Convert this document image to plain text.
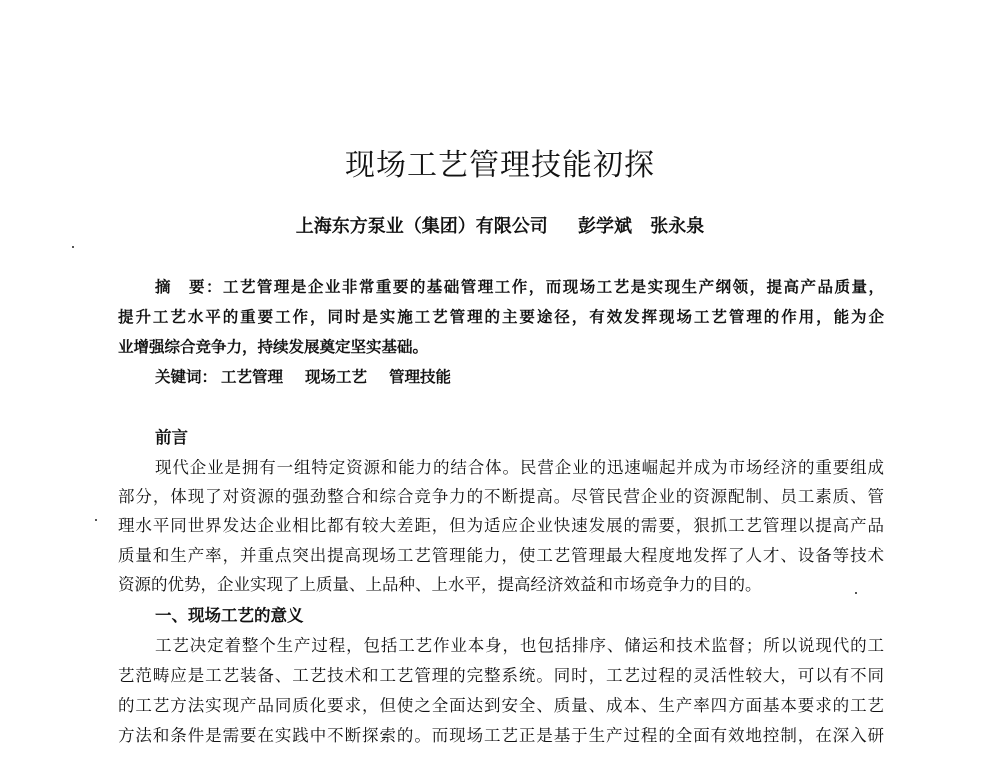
现场工艺管理技能初探
上海东方泵业（集团）有限公司 彭学斌 张永泉
摘　要：工艺管理是企业非常重要的基础管理工作，而现场工艺是实现生产纲领，提高产品质量，
提升工艺水平的重要工作，同时是实施工艺管理的主要途径，有效发挥现场工艺管理的作用，能为企
业增强综合竞争力，持续发展奠定坚实基础。
关键词： 工艺管理 现场工艺 管理技能
前言
现代企业是拥有一组特定资源和能力的结合体。民营企业的迅速崛起并成为市场经济的重要组成
部分，体现了对资源的强劲整合和综合竞争力的不断提高。尽管民营企业的资源配制、员工素质、管
理水平同世界发达企业相比都有较大差距，但为适应企业快速发展的需要，狠抓工艺管理以提高产品
质量和生产率，并重点突出提高现场工艺管理能力，使工艺管理最大程度地发挥了人才、设备等技术
资源的优势，企业实现了上质量、上品种、上水平，提高经济效益和市场竞争力的目的。
一、现场工艺的意义
工艺决定着整个生产过程，包括工艺作业本身，也包括排序、储运和技术监督；所以说现代的工
艺范畴应是工艺装备、工艺技术和工艺管理的完整系统。同时，工艺过程的灵活性较大，可以有不同
的工艺方法实现产品同质化要求，但使之全面达到安全、质量、成本、生产率四方面基本要求的工艺
方法和条件是需要在实践中不断探索的。而现场工艺正是基于生产过程的全面有效地控制，在深入研
